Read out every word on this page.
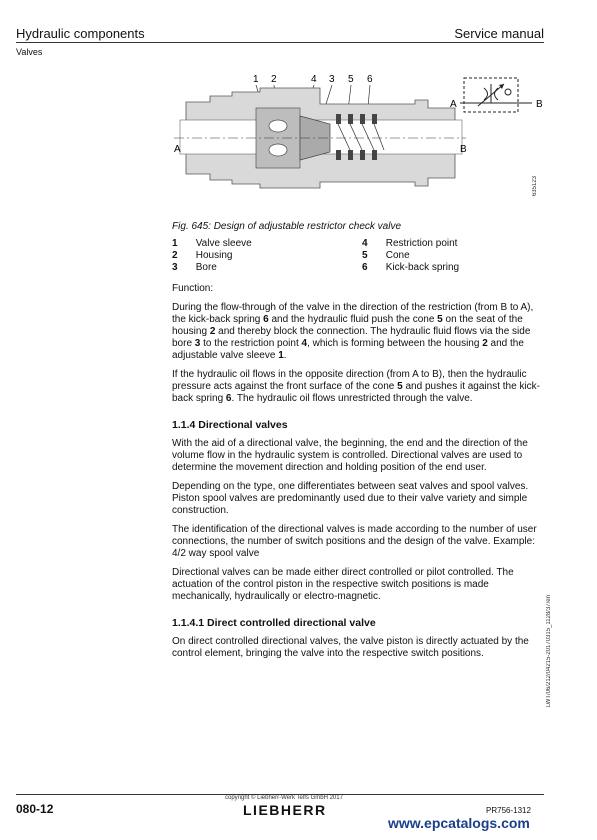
Hydraulic components	Service manual
Valves
1 2	4 3 5 6
A	B
A	B
635123
Fig. 645: Design of adjustable restrictor check valve
1	Valve sleeve	4	Restriction point
2	Housing	5	Cone
3	Bore	6	Kick-back spring

Function:

During the flow-through of the valve in the direction of the restriction (from B to A), the kick-back spring 6 and the hydraulic fluid push the cone 5 on the seat of the housing 2 and thereby block the connection. The hydraulic fluid flows via the side bore 3 to the restriction point 4, which is forming between the housing 2 and the adjustable valve sleeve 1.

If the hydraulic oil flows in the opposite direction (from A to B), then the hydraulic pressure acts against the front surface of the cone 5 and pushes it against the kick-back spring 6. The hydraulic oil flows unrestricted through the valve.

1.1.4 Directional valves

With the aid of a directional valve, the beginning, the end and the direction of the volume flow in the hydraulic system is controlled. Directional valves are used to determine the movement direction and holding position of the end user.

Depending on the type, one differentiates between seat valves and spool valves. Piston spool valves are predominantly used due to their valve variety and simple construction.

The identification of the directional valves is made according to the number of user connections, the number of switch positions and the design of the valve. Example: 4/2 way spool valve

Directional valves can be made either direct controlled or pilot controlled. The actuation of the control piston in the respective switch positions is made mechanically, hydraulically or electro-magnetic.

1.1.4.1 Direct controlled directional valve

On direct controlled directional valves, the valve piston is directly actuated by the control element, bringing the valve into the respective switch positions.	LWT/06/212/04215-20170315_1128/37/en
copyright © Liebherr-Werk Telfs GmbH 2017
080-12	LIEBHERR	PR756-1312
www.epcatalogs.com
